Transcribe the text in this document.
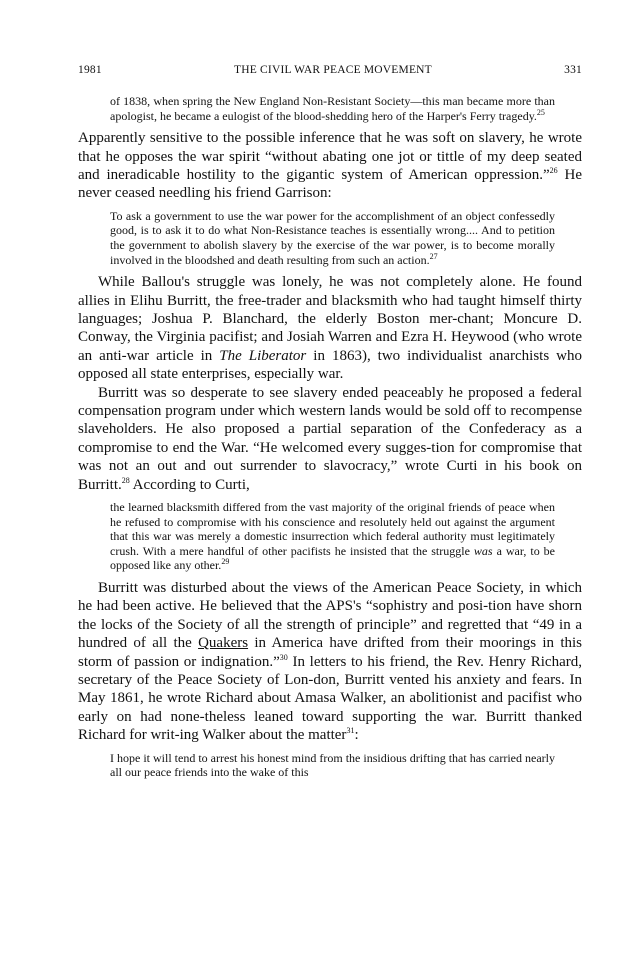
1981	THE CIVIL WAR PEACE MOVEMENT	331

of 1838, when spring the New England Non-Resistant Society—this man became more than apologist, he became a eulogist of the blood-shedding hero of the Harper's Ferry tragedy.$^{25}$

Apparently sensitive to the possible inference that he was soft on slavery, he wrote that he opposes the war spirit “without abating one jot or tittle of my deep seated and ineradicable hostility to the gigantic system of American oppression.”$^{26}$ He never ceased needling his friend Garrison:

To ask a government to use the war power for the accomplishment of an object confessedly good, is to ask it to do what Non-Resistance teaches is essentially wrong.... And to petition the government to abolish slavery by the exercise of the war power, is to become morally involved in the bloodshed and death resulting from such an action.$^{27}$

While Ballou's struggle was lonely, he was not completely alone. He found allies in Elihu Burritt, the free-trader and blacksmith who had taught himself thirty languages; Joshua P. Blanchard, the elderly Boston mer-chant; Moncure D. Conway, the Virginia pacifist; and Josiah Warren and Ezra H. Heywood (who wrote an anti-war article in The Liberator in 1863), two individualist anarchists who opposed all state enterprises, especially war.

Burritt was so desperate to see slavery ended peaceably he proposed a federal compensation program under which western lands would be sold off to recompense slaveholders. He also proposed a partial separation of the Confederacy as a compromise to end the War. “He welcomed every sugges-tion for compromise that was not an out and out surrender to slavocracy,” wrote Curti in his book on Burritt.$^{28}$ According to Curti,

the learned blacksmith differed from the vast majority of the original friends of peace when he refused to compromise with his conscience and resolutely held out against the argument that this war was merely a domestic insurrection which federal authority must legitimately crush. With a mere handful of other pacifists he insisted that the struggle was a war, to be opposed like any other.$^{29}$

Burritt was disturbed about the views of the American Peace Society, in which he had been active. He believed that the APS's “sophistry and posi-tion have shorn the locks of the Society of all the strength of principle” and regretted that “49 in a hundred of all the Quakers in America have drifted from their moorings in this storm of passion or indignation.”$^{30}$ In letters to his friend, the Rev. Henry Richard, secretary of the Peace Society of Lon-don, Burritt vented his anxiety and fears. In May 1861, he wrote Richard about Amasa Walker, an abolitionist and pacifist who early on had none-theless leaned toward supporting the war. Burritt thanked Richard for writ-ing Walker about the matter$^{31}$:

I hope it will tend to arrest his honest mind from the insidious drifting that has carried nearly all our peace friends into the wake of this
